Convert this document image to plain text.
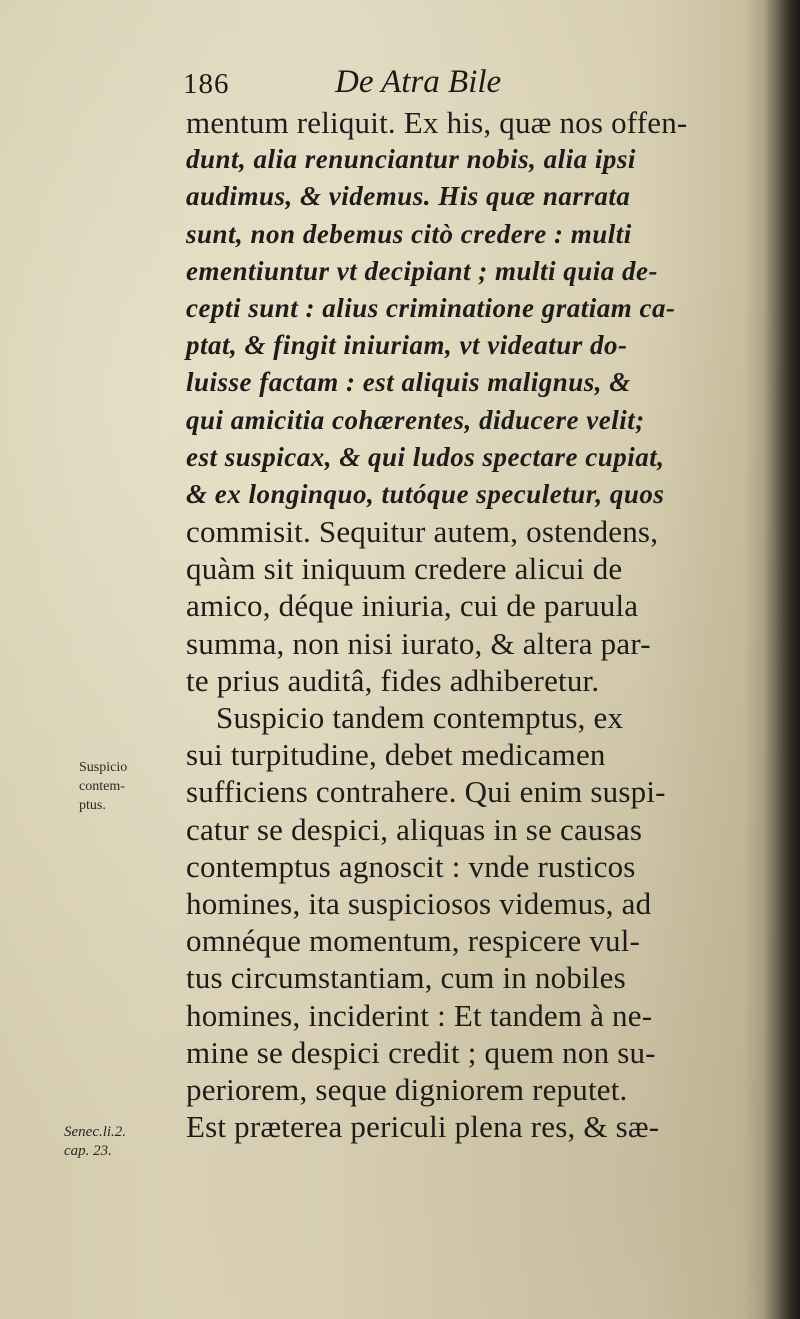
186	De Atra Bile
mentum reliquit. Ex his, quæ nos offen-
dunt, alia renunciantur nobis, alia ipsi
audimus, & videmus. His quæ narrata
sunt, non debemus citò credere : multi
ementiuntur vt decipiant ; multi quia de-
cepti sunt : alius criminatione gratiam ca-
ptat, & fingit iniuriam, vt videatur do-
luisse factam : est aliquis malignus, &
qui amicitia cohærentes, diducere velit;
est suspicax, & qui ludos spectare cupiat,
& ex longinquo, tutóque speculetur, quos
commisit. Sequitur autem, ostendens,
quàm sit iniquum credere alicui de
amico, déque iniuria, cui de paruula
summa, non nisi iurato, & altera par-
te prius auditâ, fides adhiberetur.
Suspicio tandem contemptus, ex
sui turpitudine, debet medicamen
sufficiens contrahere. Qui enim suspi-
catur se despici, aliquas in se causas
contemptus agnoscit : vnde rusticos
homines, ita suspiciosos videmus, ad
omnéque momentum, respicere vul-
tus circumstantiam, cum in nobiles
homines, inciderint : Et tandem à ne-
mine se despici credit ; quem non su-
periorem, seque digniorem reputet.
Est præterea periculi plena res, & sæ-
Suspicio
contem-
ptus.
Senec.li.2.
cap. 23.
